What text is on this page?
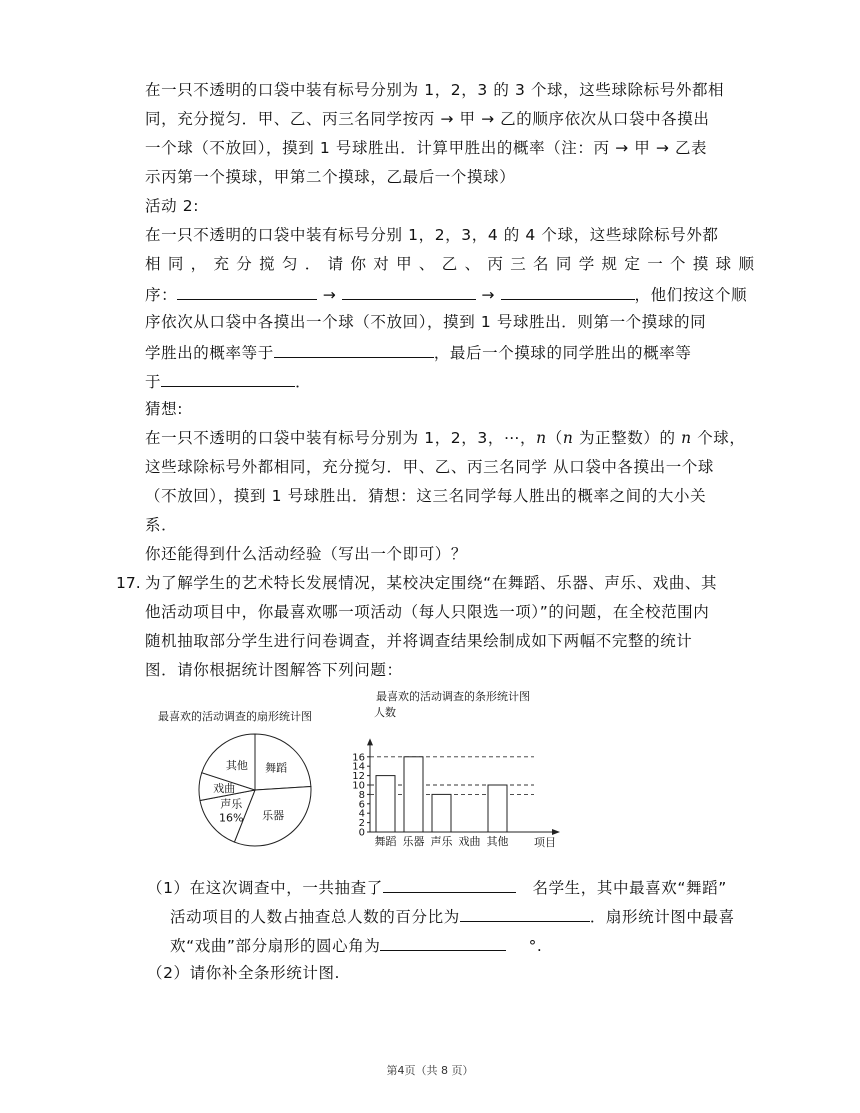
在一只不透明的口袋中装有标号分别为 1，2，3 的 3 个球，这些球除标号外都相
同，充分搅匀．甲、乙、丙三名同学按丙 → 甲 → 乙的顺序依次从口袋中各摸出
一个球（不放回），摸到 1 号球胜出．计算甲胜出的概率（注：丙 → 甲 → 乙表
示丙第一个摸球，甲第二个摸球，乙最后一个摸球）
活动 2:
在一只不透明的口袋中装有标号分别 1，2，3，4 的 4 个球，这些球除标号外都
相 同 ， 充 分 搅 匀 ． 请 你 对 甲 、 乙 、 丙 三 名 同 学 规 定 一 个 摸 球 顺
序：	→	→	，他们按这个顺
序依次从口袋中各摸出一个球（不放回），摸到 1 号球胜出．则第一个摸球的同
学胜出的概率等于	，最后一个摸球的同学胜出的概率等
于	．
猜想:
在一只不透明的口袋中装有标号分别为 1，2，3，⋯，n（n 为正整数）的 n 个球，
这些球除标号外都相同，充分搅匀．甲、乙、丙三名同学 从口袋中各摸出一个球
（不放回），摸到 1 号球胜出．猜想：这三名同学每人胜出的概率之间的大小关
系．
你还能得到什么活动经验（写出一个即可）？
17. 为了解学生的艺术特长发展情况，某校决定围绕“在舞蹈、乐器、声乐、戏曲、其
他活动项目中，你最喜欢哪一项活动（每人只限选一项）”的问题，在全校范围内
随机抽取部分学生进行问卷调查，并将调查结果绘制成如下两幅不完整的统计
图．请你根据统计图解答下列问题：
最喜欢的活动调查的扇形统计图
舞蹈
乐器
声乐
16%
戏曲
其他
最喜欢的活动调查的条形统计图
人数
项目
0
2
4
6
8
10
12
14
16
舞蹈 乐器 声乐 戏曲 其他
（1）在这次调查中，一共抽查了	名学生，其中最喜欢“舞蹈”
活动项目的人数占抽查总人数的百分比为	．扇形统计图中最喜
欢“戏曲”部分扇形的圆心角为	°.
（2）请你补全条形统计图.
第4页（共 8 页）
